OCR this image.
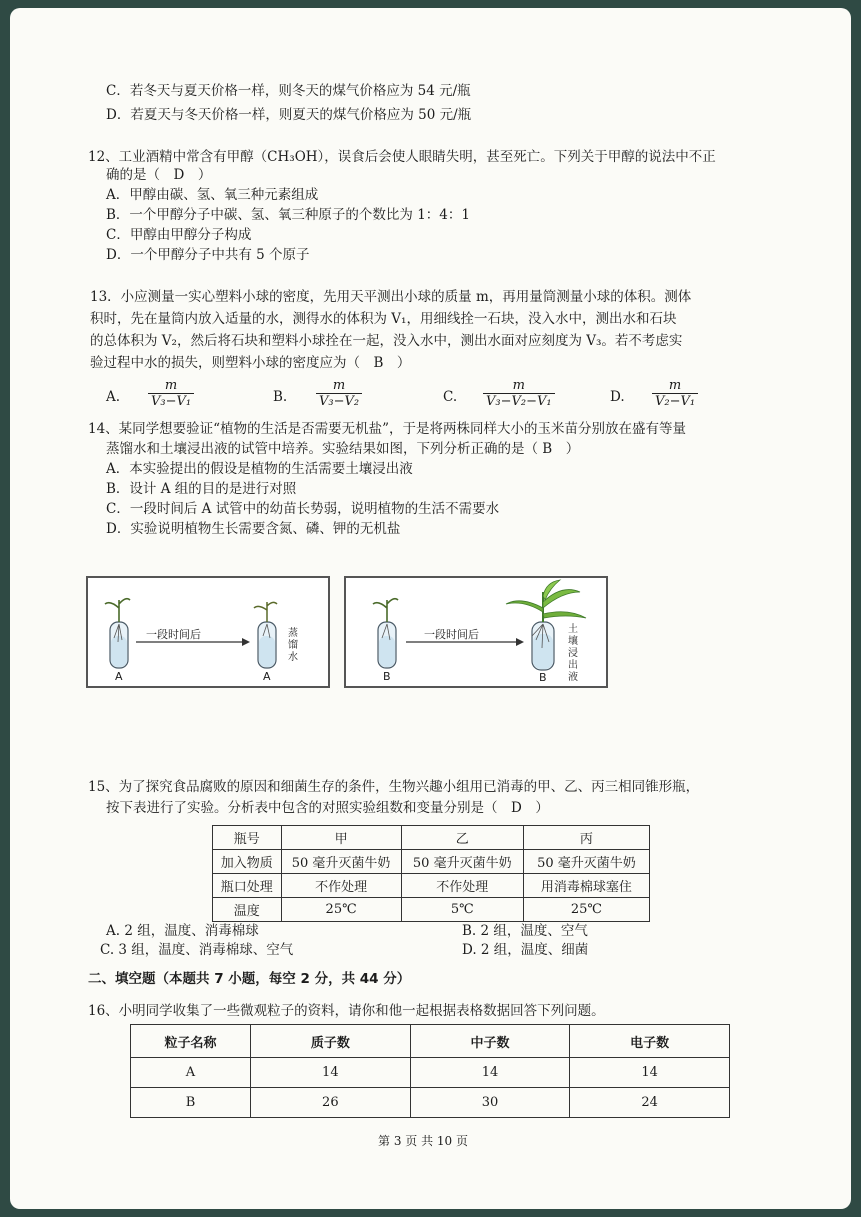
C．若冬天与夏天价格一样，则冬天的煤气价格应为 54 元/瓶
D．若夏天与冬天价格一样，则夏天的煤气价格应为 50 元/瓶
12、工业酒精中常含有甲醇（CH₃OH），误食后会使人眼睛失明，甚至死亡。下列关于甲醇的说法中不正
确的是（　D　）
A．甲醇由碳、氢、氧三种元素组成
B．一个甲醇分子中碳、氢、氧三种原子的个数比为 1：4：1
C．甲醇由甲醇分子构成
D．一个甲醇分子中共有 5 个原子
13．小应测量一实心塑料小球的密度，先用天平测出小球的质量 m，再用量筒测量小球的体积。测体
积时，先在量筒内放入适量的水，测得水的体积为 V₁，用细线拴一石块，没入水中，测出水和石块
的总体积为 V₂，然后将石块和塑料小球拴在一起，没入水中，测出水面对应刻度为 V₃。若不考虑实
验过程中水的损失，则塑料小球的密度应为（　B　）
A. $\frac{m}{\text{V₃−V₁}}$	B. $\frac{m}{\text{V₃−V₂}}$	C. $\frac{m}{\text{V₃−V₂−V₁}}$	D. $\frac{m}{\text{V₂−V₁}}$
14、某同学想要验证“植物的生活是否需要无机盐”，于是将两株同样大小的玉米苗分别放在盛有等量
蒸馏水和土壤浸出液的试管中培养。实验结果如图，下列分析正确的是（ B　）
A．本实验提出的假设是植物的生活需要土壤浸出液
B．设计 A 组的目的是进行对照
C．一段时间后 A 试管中的幼苗长势弱，说明植物的生活不需要水
D．实验说明植物生长需要含氮、磷、钾的无机盐
一段时间后	蒸馏水
A	A
一段时间后	土壤浸出液
B	B
15、为了探究食品腐败的原因和细菌生存的条件，生物兴趣小组用已消毒的甲、乙、丙三相同锥形瓶，
按下表进行了实验。分析表中包含的对照实验组数和变量分别是（　D　）
瓶号	甲	乙	丙
加入物质	50 毫升灭菌牛奶	50 毫升灭菌牛奶	50 毫升灭菌牛奶
瓶口处理	不作处理	不作处理	用消毒棉球塞住
温度	25℃	5℃	25℃
A. 2 组，温度、消毒棉球	B. 2 组，温度、空气
C. 3 组，温度、消毒棉球、空气	D. 2 组，温度、细菌
二、填空题（本题共 7 小题，每空 2 分，共 44 分）
16、小明同学收集了一些微观粒子的资料，请你和他一起根据表格数据回答下列问题。
粒子名称	质子数	中子数	电子数
A	14	14	14
B	26	30	24
第 3 页 共 10 页
